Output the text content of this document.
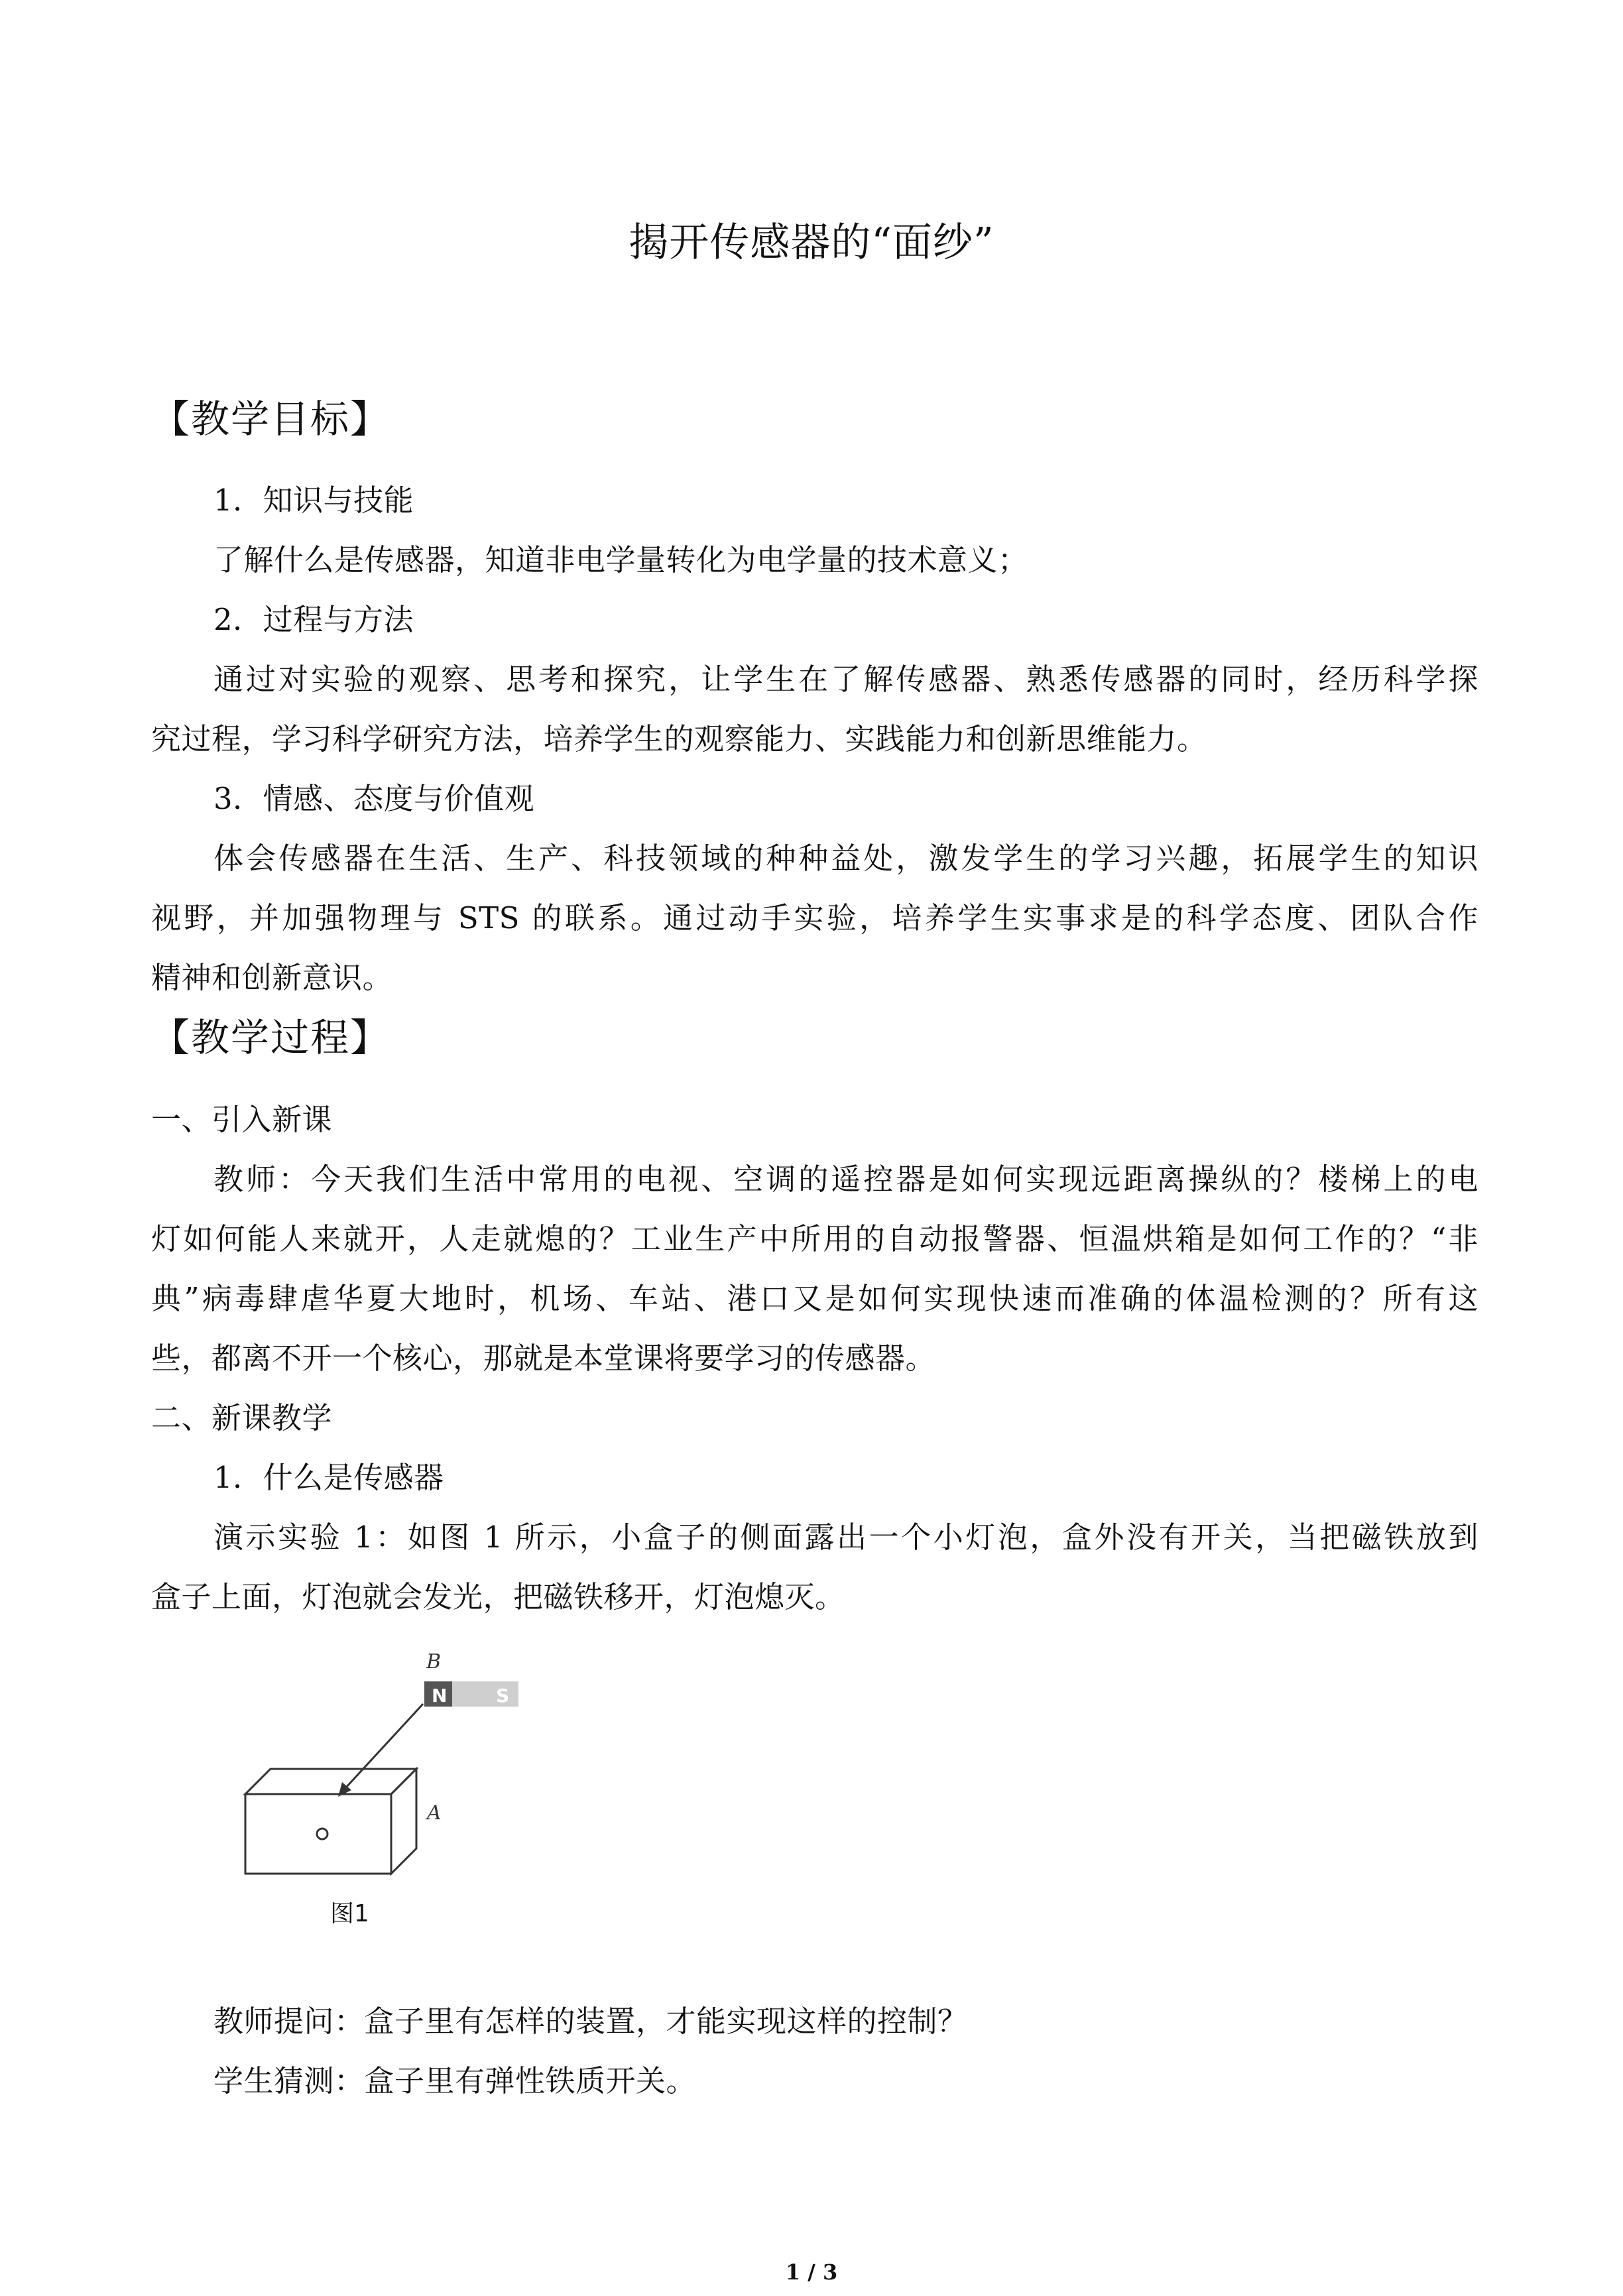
揭开传感器的“面纱”
【教学目标】
1．知识与技能
了解什么是传感器，知道非电学量转化为电学量的技术意义；
2．过程与方法
通过对实验的观察、思考和探究，让学生在了解传感器、熟悉传感器的同时，经历科学探
究过程，学习科学研究方法，培养学生的观察能力、实践能力和创新思维能力。
3．情感、态度与价值观
体会传感器在生活、生产、科技领域的种种益处，激发学生的学习兴趣，拓展学生的知识
视野，并加强物理与 STS 的联系。通过动手实验，培养学生实事求是的科学态度、团队合作
精神和创新意识。
【教学过程】
一、引入新课
教师：今天我们生活中常用的电视、空调的遥控器是如何实现远距离操纵的？楼梯上的电
灯如何能人来就开，人走就熄的？工业生产中所用的自动报警器、恒温烘箱是如何工作的？“非
典”病毒肆虐华夏大地时，机场、车站、港口又是如何实现快速而准确的体温检测的？所有这
些，都离不开一个核心，那就是本堂课将要学习的传感器。
二、新课教学
1．什么是传感器
演示实验 1：如图 1 所示，小盒子的侧面露出一个小灯泡，盒外没有开关，当把磁铁放到
盒子上面，灯泡就会发光，把磁铁移开，灯泡熄灭。
B
N	S
A
图1
教师提问：盒子里有怎样的装置，才能实现这样的控制？
学生猜测：盒子里有弹性铁质开关。
1 / 3
